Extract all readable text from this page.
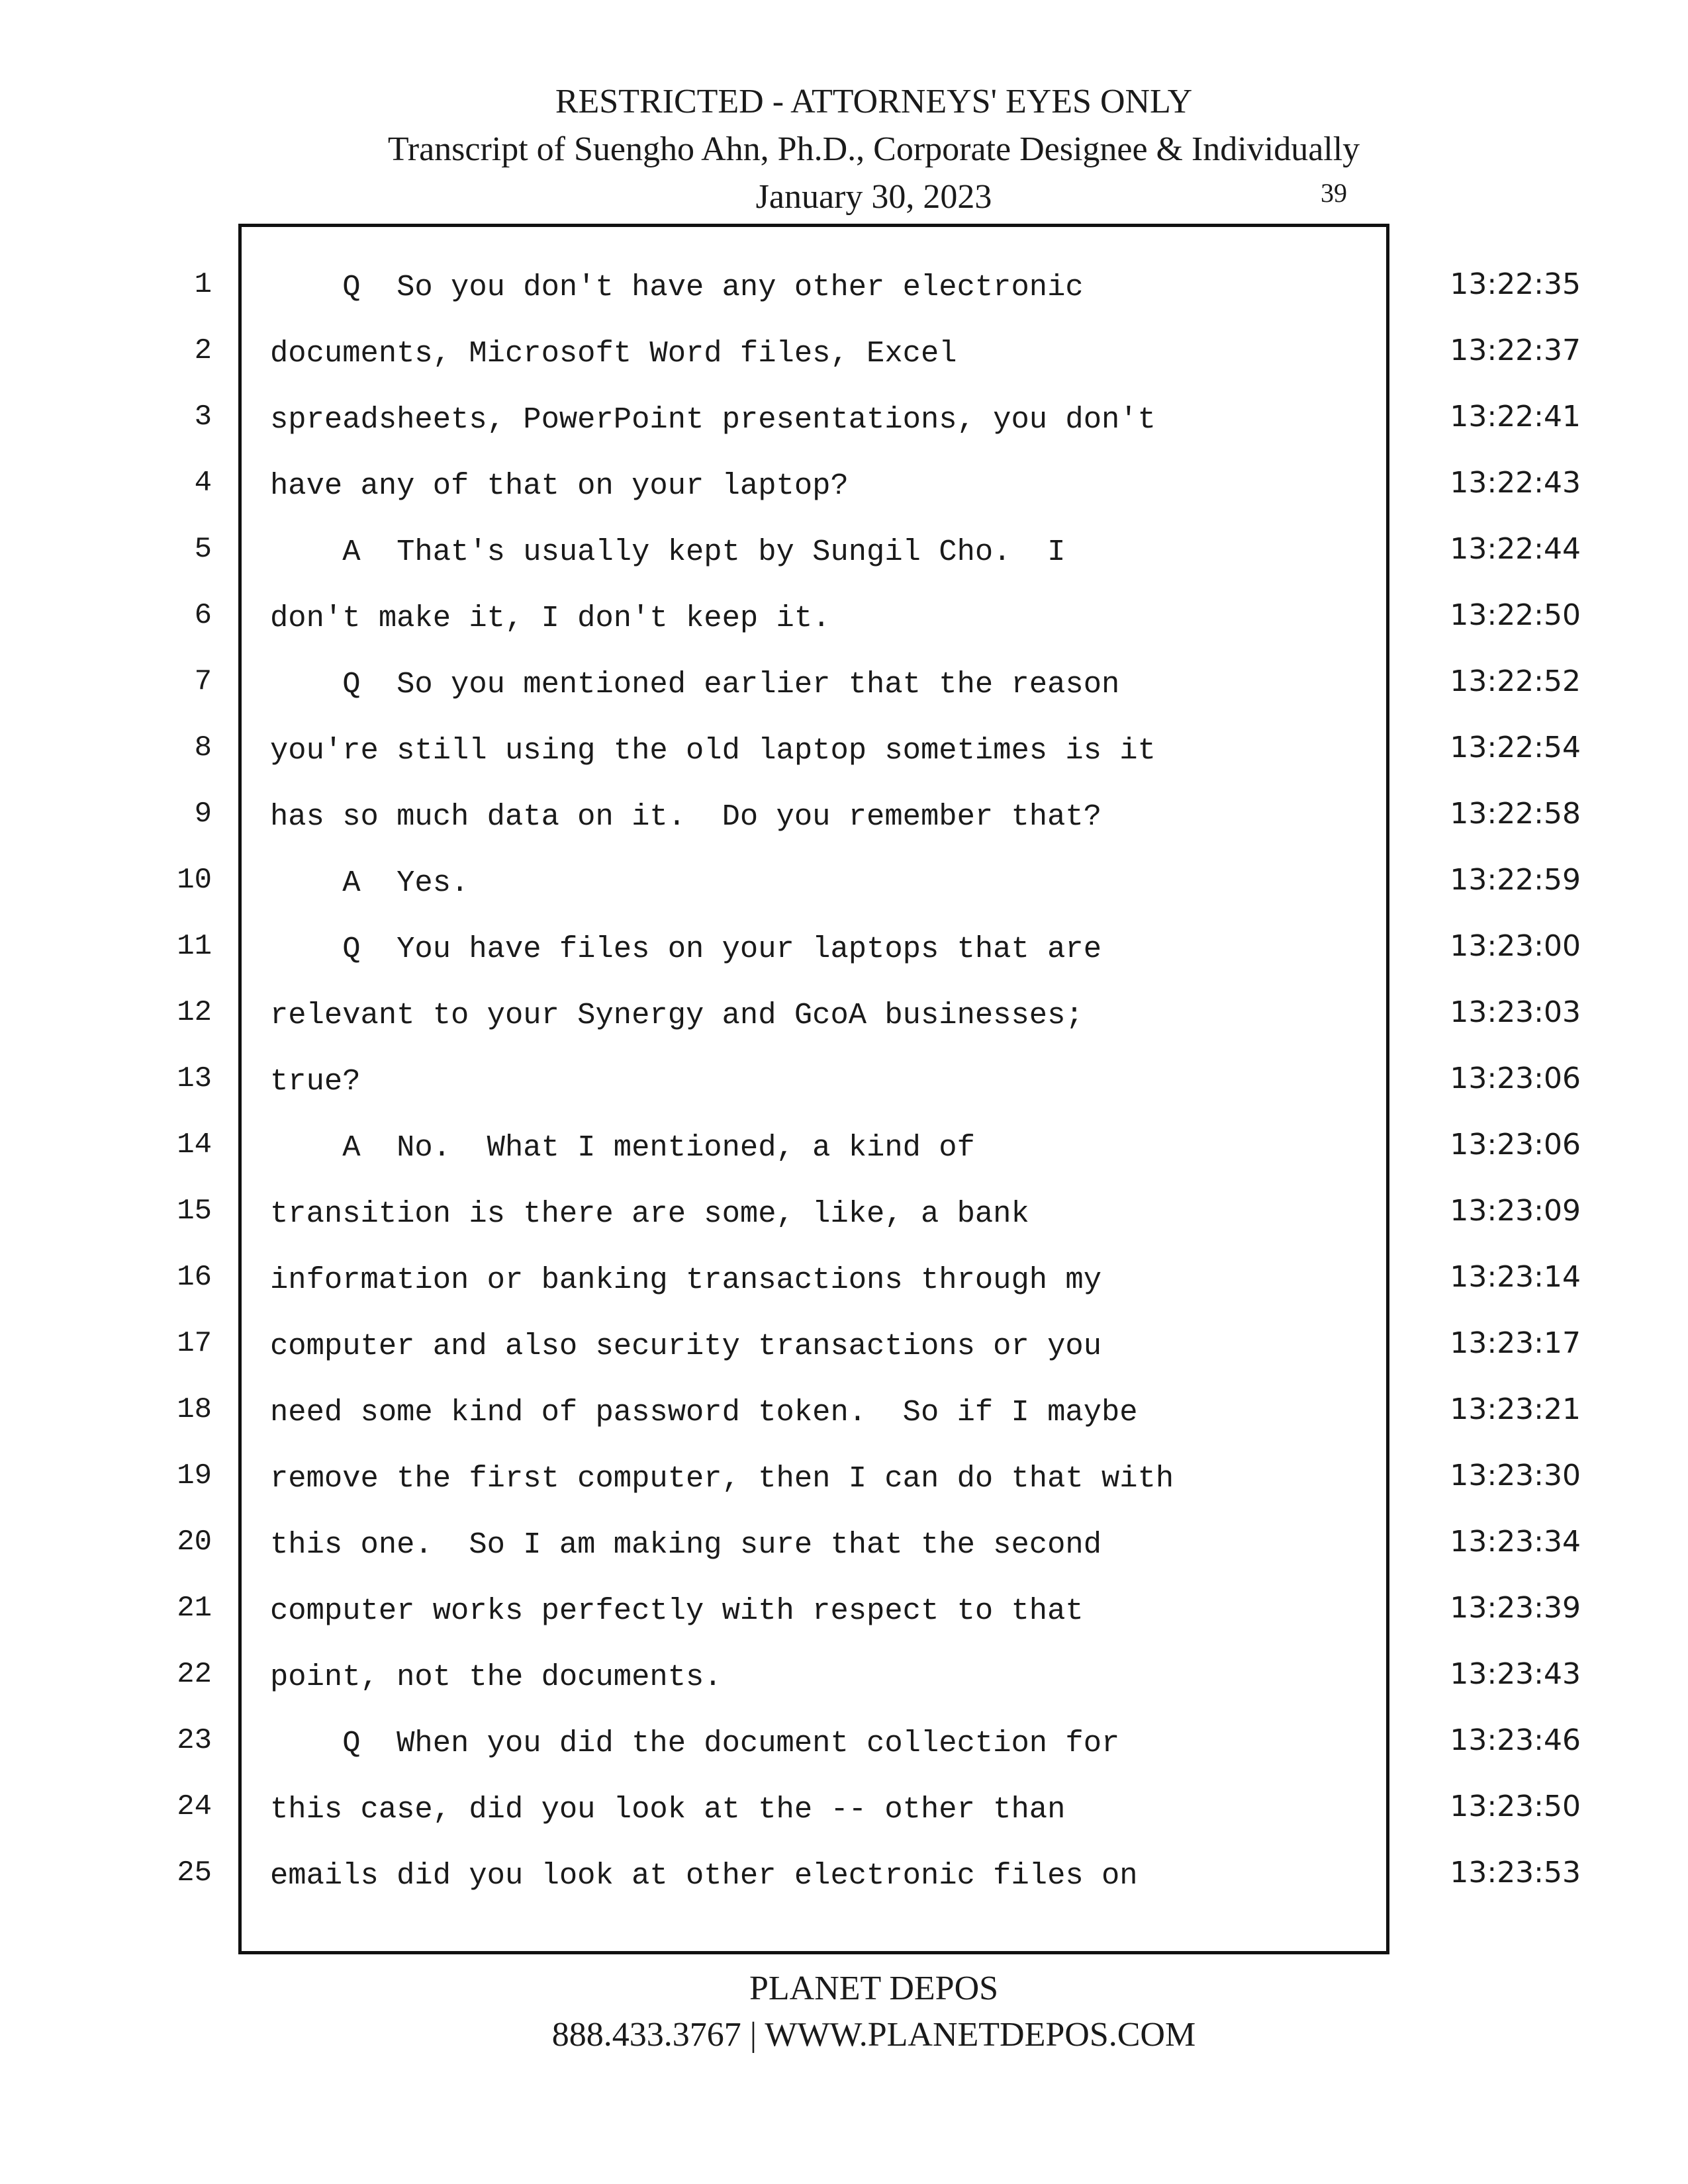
RESTRICTED - ATTORNEYS' EYES ONLY
Transcript of Suengho Ahn, Ph.D., Corporate Designee & Individually
January 30, 2023	39
1 Q  So you don't have any other electronic	13:22:35
2 documents, Microsoft Word files, Excel	13:22:37
3 spreadsheets, PowerPoint presentations, you don't	13:22:41
4 have any of that on your laptop?	13:22:43
5 A  That's usually kept by Sungil Cho.  I	13:22:44
6 don't make it, I don't keep it.	13:22:50
7 Q  So you mentioned earlier that the reason	13:22:52
8 you're still using the old laptop sometimes is it	13:22:54
9 has so much data on it.  Do you remember that?	13:22:58
10 A  Yes.	13:22:59
11 Q  You have files on your laptops that are	13:23:00
12 relevant to your Synergy and GcoA businesses;	13:23:03
13 true?	13:23:06
14 A  No.  What I mentioned, a kind of	13:23:06
15 transition is there are some, like, a bank	13:23:09
16 information or banking transactions through my	13:23:14
17 computer and also security transactions or you	13:23:17
18 need some kind of password token.  So if I maybe	13:23:21
19 remove the first computer, then I can do that with	13:23:30
20 this one.  So I am making sure that the second	13:23:34
21 computer works perfectly with respect to that	13:23:39
22 point, not the documents.	13:23:43
23 Q  When you did the document collection for	13:23:46
24 this case, did you look at the -- other than	13:23:50
25 emails did you look at other electronic files on	13:23:53
PLANET DEPOS
888.433.3767 | WWW.PLANETDEPOS.COM
